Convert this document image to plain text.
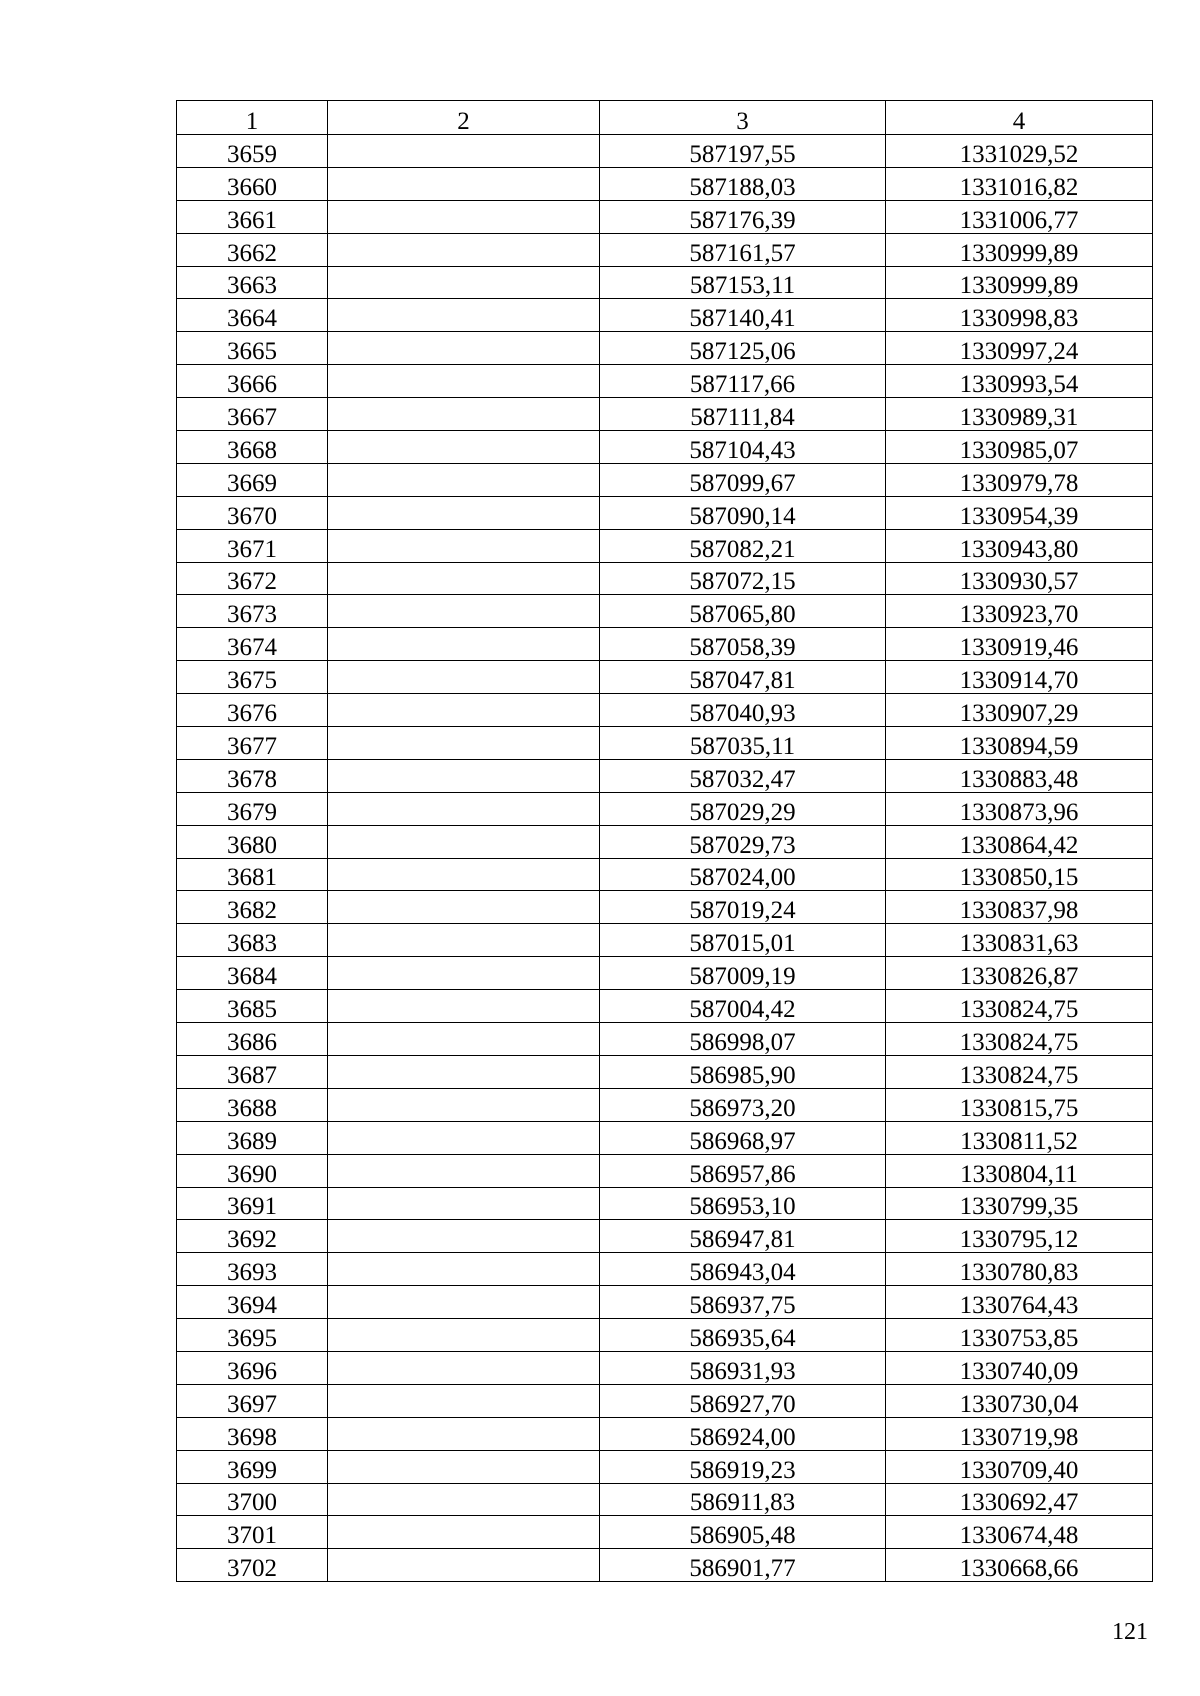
1	2	3	4
3659		587197,55	1331029,52
3660		587188,03	1331016,82
3661		587176,39	1331006,77
3662		587161,57	1330999,89
3663		587153,11	1330999,89
3664		587140,41	1330998,83
3665		587125,06	1330997,24
3666		587117,66	1330993,54
3667		587111,84	1330989,31
3668		587104,43	1330985,07
3669		587099,67	1330979,78
3670		587090,14	1330954,39
3671		587082,21	1330943,80
3672		587072,15	1330930,57
3673		587065,80	1330923,70
3674		587058,39	1330919,46
3675		587047,81	1330914,70
3676		587040,93	1330907,29
3677		587035,11	1330894,59
3678		587032,47	1330883,48
3679		587029,29	1330873,96
3680		587029,73	1330864,42
3681		587024,00	1330850,15
3682		587019,24	1330837,98
3683		587015,01	1330831,63
3684		587009,19	1330826,87
3685		587004,42	1330824,75
3686		586998,07	1330824,75
3687		586985,90	1330824,75
3688		586973,20	1330815,75
3689		586968,97	1330811,52
3690		586957,86	1330804,11
3691		586953,10	1330799,35
3692		586947,81	1330795,12
3693		586943,04	1330780,83
3694		586937,75	1330764,43
3695		586935,64	1330753,85
3696		586931,93	1330740,09
3697		586927,70	1330730,04
3698		586924,00	1330719,98
3699		586919,23	1330709,40
3700		586911,83	1330692,47
3701		586905,48	1330674,48
3702		586901,77	1330668,66
121
